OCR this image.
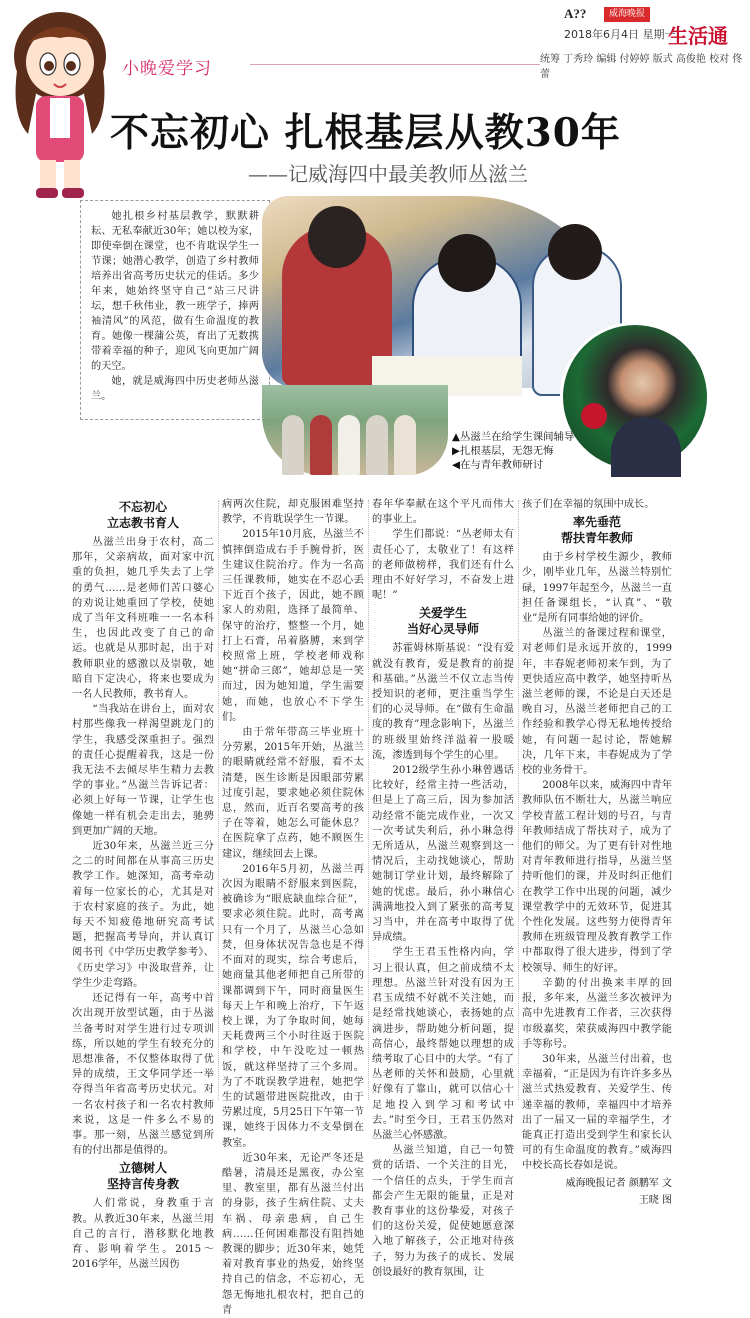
小晚爱学习
A??	威海晚报
2018年6月4日 星期一
生活通
统筹 丁秀玲 编辑 付婷婷 版式 高俊艳 校对 佟蕾
不忘初心 扎根基层从教30年
——记威海四中最美教师丛滋兰

她扎根乡村基层教学，默默耕耘、无私奉献近30年；她以校为家，即使牵倒在课堂，也不肯耽误学生一节课；她潜心教学，创造了乡村教师培养出省高考历史状元的佳话。多少年来，她始终坚守自己“站三尺讲坛，想千秋伟业，教一班学子，捧两袖清风”的风范，做有生命温度的教育。她像一棵蒲公英，育出了无数携带着幸福的种子，迎风飞向更加广阔的天空。

她，就是威海四中历史老师丛滋兰。

▲丛滋兰在给学生课间辅导
▶扎根基层，无怨无悔
◀在与青年教师研讨
不忘初心
立志教书育人

丛滋兰出身于农村，高二那年，父亲病故，面对家中沉重的负担，她几乎失去了上学的勇气……是老师们苦口婆心的劝说让她重回了学校，使她成了当年文科班唯一一名本科生，也因此改变了自己的命运。也就是从那时起，出于对教师职业的感激以及崇敬，她暗自下定决心，将来也要成为一名人民教师，教书育人。

“当我站在讲台上，面对农村那些像我一样渴望跳龙门的学生，我感受深重担子。强烈的责任心提醒着我，这是一份我无法不去倾尽毕生精力去教学的事业。”丛滋兰告诉记者：必须上好每一节课，让学生也像她一样有机会走出去，驰骋到更加广阔的天地。

近30年来，丛滋兰近三分之二的时间都在从事高三历史教学工作。她深知，高考牵动着每一位家长的心，尤其是对于农村家庭的孩子。为此，她每天不知疲倦地研究高考试题，把握高考导向，并认真订阅书刊《中学历史教学参考》、《历史学习》中汲取营养，让学生少走弯路。

还记得有一年，高考中首次出现开放型试题，由于丛滋兰备考时对学生进行过专项训练，所以她的学生有较充分的思想准备，不仅整体取得了优异的成绩，王文华同学还一举夺得当年省高考历史状元。对一名农村孩子和一名农村教师来说，这是一件多么不易的事。那一刻，丛滋兰感觉到所有的付出都是值得的。

立德树人
坚持言传身教

人们常说，身教重于言教。从教近30年来，丛滋兰用自己的言行，潜移默化地教育、影响着学生。2015～2016学年，丛滋兰因伤

病两次住院，却克服困难坚持教学，不肯耽误学生一节课。

2015年10月底，丛滋兰不慎摔倒造成右手手腕骨折，医生建议住院治疗。作为一名高三任课教师，她实在不忍心丢下近百个孩子，因此，她不顾家人的劝阻，选择了最简单、保守的治疗，整整一个月，她打上石膏，吊着胳膊，来到学校照常上班，学校老师戏称她“拼命三郎”，她却总是一笑而过，因为她知道，学生需要她，而她，也放心不下学生们。

由于常年带高三毕业班十分劳累，2015年开始，丛滋兰的眼睛就经常不舒服，看不太清楚，医生诊断是因眼部劳累过度引起，要求她必须住院休息，然而，近百名要高考的孩子在等着，她怎么可能休息？在医院拿了点药，她不顾医生建议，继续回去上课。

2016年5月初，丛滋兰再次因为眼睛不舒服来到医院，被确诊为“眼底缺血综合征”，要求必须住院。此时，高考离只有一个月了，丛滋兰心急如焚，但身体状况告急也是不得不面对的现实，综合考虑后，她商量其他老师把自己所带的课都调到下午，同时商量医生每天上午和晚上治疗，下午返校上课，为了争取时间，她每天耗费两三个小时往返于医院和学校，中午没吃过一顿热饭，就这样坚持了三个多周。为了不耽误教学进程，她把学生的试题带进医院批改，由于劳累过度，5月25日下午第一节课，她终于因体力不支晕倒在教室。

近30年来，无论严冬还是酷暑，清晨还是黑夜，办公室里、教室里，都有丛滋兰付出的身影，孩子生病住院、丈夫车祸、母亲患病，自己生病……任何困难都没有阻挡她教课的脚步；近30年来，她凭着对教育事业的热爱，始终坚持自己的信念，不忘初心，无怨无悔地扎根农村，把自己的青

春年华奉献在这个平凡而伟大的事业上。

学生们都说：“丛老师太有责任心了，太敬业了！有这样的老师做榜样，我们还有什么理由不好好学习，不奋发上进呢！”

关爱学生
当好心灵导师

苏霍姆林斯基说：“没有爱就没有教育，爱是教育的前提和基础。”丛滋兰不仅立志当传授知识的老师，更注重当学生们的心灵导师。在“做有生命温度的教育”理念影响下，丛滋兰的班级里始终洋溢着一股暖流，渗透到每个学生的心里。

2012级学生孙小琳曾遇话比较好，经常主持一些活动，但是上了高三后，因为参加活动经常不能完成作业，一次又一次考试失利后，孙小琳急得无所适从，丛滋兰观察到这一情况后，主动找她谈心，帮助她制订学业计划，最终解除了她的忧虑。最后，孙小琳信心满满地投入到了紧张的高考复习当中，并在高考中取得了优异成绩。

学生王君玉性格内向，学习上很认真，但之前成绩不太理想。丛滋兰针对没有因为王君玉成绩不好就不关注她，而是经常找她谈心，表扬她的点滴进步，帮助她分析问题，提高信心，最终帮她以理想的成绩考取了心目中的大学。“有了丛老师的关怀和鼓励，心里就好像有了靠山，就可以信心十足地投入到学习和考试中去。”时至今日，王君玉仍然对丛滋兰心怀感激。

丛滋兰知道，自己一句赞赏的话语、一个关注的目光，一个信任的点头，于学生而言都会产生无限的能量，正是对教育事业的这份挚爱，对孩子们的这份关爱，促使她愿意深入地了解孩子，公正地对待孩子，努力为孩子的成长、发展创设最好的教育氛围，让

孩子们在幸福的氛围中成长。

率先垂范
帮扶青年教师

由于乡村学校生源少，教师少，刚毕业几年，丛滋兰特别忙碌，1997年起至今，丛滋兰一直担任备课组长，“认真”、“敬业”是所有同事给她的评价。

丛滋兰的备课过程和课堂，对老师们是永远开放的，1999年，丰春妮老师初来乍到，为了更快适应高中教学，她坚持听丛滋兰老师的课，不论是白天还是晚自习，丛滋兰老师把自己的工作经验和教学心得无私地传授给她，有问题一起讨论，帮她解决，几年下来，丰春妮成为了学校的业务骨干。

2008年以来，威海四中青年教师队伍不断壮大，丛滋兰响应学校青蓝工程计划的号召，与青年教师结成了帮扶对子，成为了他们的师父。为了更有针对性地对青年教师进行指导，丛滋兰坚持听他们的课，并及时纠正他们在教学工作中出现的问题，减少课堂教学中的无效环节，促进其个性化发展。这些努力使得青年教师在班级管理及教育教学工作中都取得了很大进步，得到了学校领导、师生的好评。

辛勤的付出换来丰厚的回报，多年来，丛滋兰多次被评为高中先进教育工作者，三次获得市级嘉奖，荣获威海四中教学能手等称号。

30年来，丛滋兰付出着，也幸福着，“正是因为有许许多多丛滋兰式热爱教育、关爱学生、传递幸福的教师，幸福四中才培养出了一届又一届的幸福学生，才能真正打造出受到学生和家长认可的有生命温度的教育。”威海四中校长高长春如是说。

威海晚报记者 颜鹏军 文
王晓 图
